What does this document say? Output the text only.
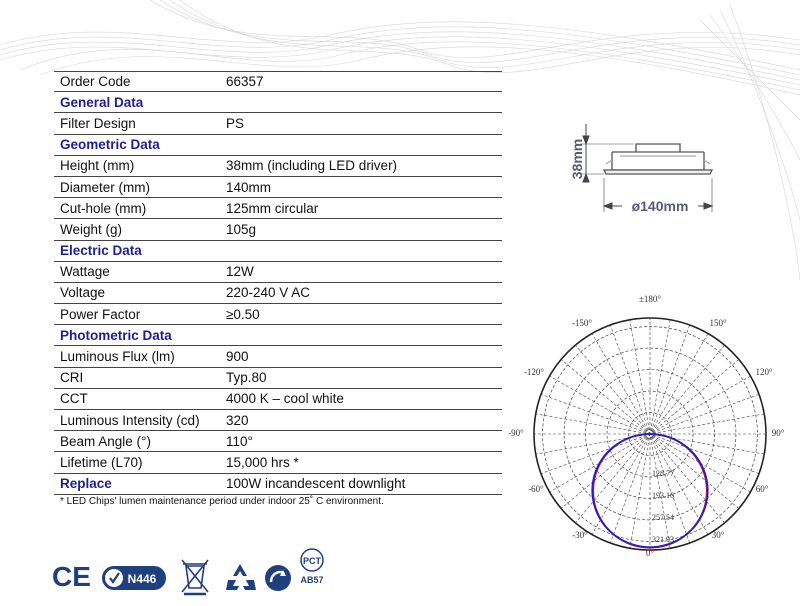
Order Code	66357
General Data
Filter Design	PS
Geometric Data
Height (mm)	38mm (including LED driver)
Diameter (mm)	140mm
Cut-hole (mm)	125mm circular
Weight (g)	105g
Electric Data
Wattage	12W
Voltage	220-240 V AC
Power Factor	≥0.50
Photometric Data
Luminous Flux (lm)	900
CRI	Typ.80
CCT	4000 K – cool white
Luminous Intensity (cd)	320
Beam Angle (°)	110°
Lifetime (L70)	15,000 hrs *
Replace	100W incandescent downlight
* LED Chips' lumen maintenance period under indoor 25˚ C environment.
38mm
ø140mm
±180°
-150°	150°
-120°	120°
-90°	90°
-60°	60°
-30°	30°
0°
128.77
193.16
257.54
321.93
CE	N446
PCT
AB57
